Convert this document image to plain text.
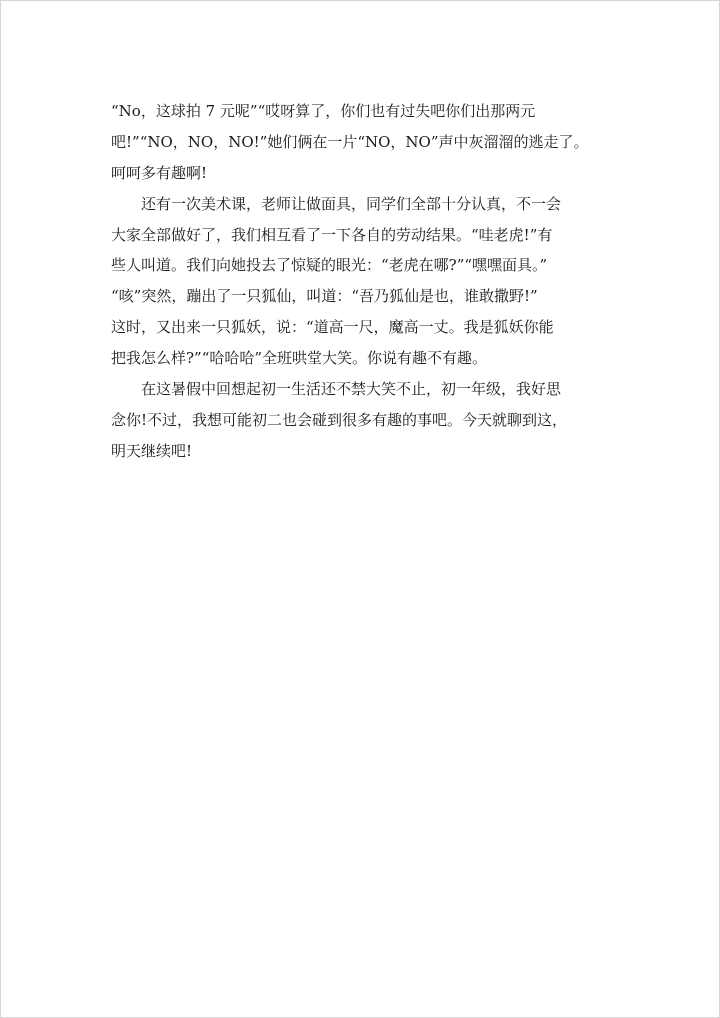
“No，这球拍 7 元呢”“哎呀算了，你们也有过失吧你们出那两元
吧!”“NO，NO，NO!”她们俩在一片“NO，NO”声中灰溜溜的逃走了。
呵呵多有趣啊!

还有一次美术课，老师让做面具，同学们全部十分认真，不一会
大家全部做好了，我们相互看了一下各自的劳动结果。“哇老虎!”有
些人叫道。我们向她投去了惊疑的眼光：“老虎在哪?”“嘿嘿面具。”
“咳”突然，蹦出了一只狐仙，叫道：“吾乃狐仙是也，谁敢撒野!”
这时，又出来一只狐妖，说：“道高一尺，魔高一丈。我是狐妖你能
把我怎么样?”“哈哈哈”全班哄堂大笑。你说有趣不有趣。

在这暑假中回想起初一生活还不禁大笑不止，初一年级，我好思
念你!不过，我想可能初二也会碰到很多有趣的事吧。今天就聊到这，
明天继续吧!
